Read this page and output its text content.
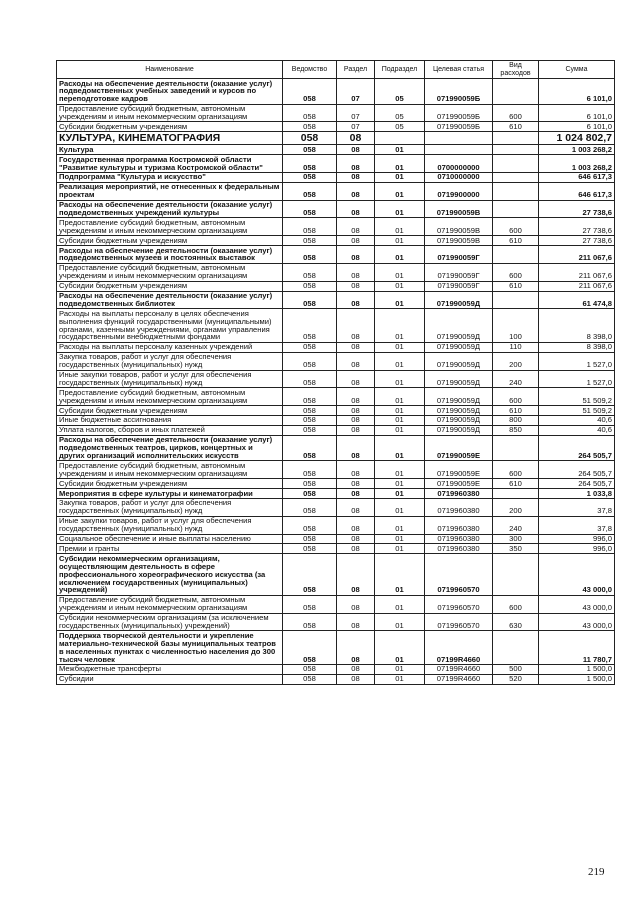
Наименование	Ведомство	Раздел	Подраздел	Целевая статья	Вид расходов	Сумма
Расходы на обеспечение деятельности (оказание услуг) подведомственных учебных заведений и курсов по переподготовке кадров	058	07	05	071990059Б		6 101,0
Предоставление субсидий бюджетным, автономным учреждениям и иным некоммерческим организациям	058	07	05	071990059Б	600	6 101,0
Субсидии бюджетным учреждениям	058	07	05	071990059Б	610	6 101,0
КУЛЬТУРА, КИНЕМАТОГРАФИЯ	058	08				1 024 802,7
Культура	058	08	01			1 003 268,2
Государственная программа Костромской области "Развитие культуры и туризма Костромской области"	058	08	01	0700000000		1 003 268,2
Подпрограмма "Культура и искусство"	058	08	01	0710000000		646 617,3
Реализация мероприятий, не отнесенных к федеральным проектам	058	08	01	0719900000		646 617,3
Расходы на обеспечение деятельности (оказание услуг) подведомственных учреждений культуры	058	08	01	071990059В		27 738,6
Предоставление субсидий бюджетным, автономным учреждениям и иным некоммерческим организациям	058	08	01	071990059В	600	27 738,6
Субсидии бюджетным учреждениям	058	08	01	071990059В	610	27 738,6
Расходы на обеспечение деятельности (оказание услуг) подведомственных музеев и постоянных выставок	058	08	01	071990059Г		211 067,6
Предоставление субсидий бюджетным, автономным учреждениям и иным некоммерческим организациям	058	08	01	071990059Г	600	211 067,6
Субсидии бюджетным учреждениям	058	08	01	071990059Г	610	211 067,6
Расходы на обеспечение деятельности (оказание услуг) подведомственных библиотек	058	08	01	071990059Д		61 474,8
Расходы на выплаты персоналу в целях обеспечения выполнения функций государственными (муниципальными) органами, казенными учреждениями, органами управления государственными внебюджетными фондами	058	08	01	071990059Д	100	8 398,0
Расходы на выплаты персоналу казенных учреждений	058	08	01	071990059Д	110	8 398,0
Закупка товаров, работ и услуг для обеспечения государственных (муниципальных) нужд	058	08	01	071990059Д	200	1 527,0
Иные закупки товаров, работ и услуг для обеспечения государственных (муниципальных) нужд	058	08	01	071990059Д	240	1 527,0
Предоставление субсидий бюджетным, автономным учреждениям и иным некоммерческим организациям	058	08	01	071990059Д	600	51 509,2
Субсидии бюджетным учреждениям	058	08	01	071990059Д	610	51 509,2
Иные бюджетные ассигнования	058	08	01	071990059Д	800	40,6
Уплата налогов, сборов и иных платежей	058	08	01	071990059Д	850	40,6
Расходы на обеспечение деятельности (оказание услуг) подведомственных театров, цирков, концертных и других организаций исполнительских искусств	058	08	01	071990059Е		264 505,7
Предоставление субсидий бюджетным, автономным учреждениям и иным некоммерческим организациям	058	08	01	071990059Е	600	264 505,7
Субсидии бюджетным учреждениям	058	08	01	071990059Е	610	264 505,7
Мероприятия в сфере культуры и кинематографии	058	08	01	0719960380		1 033,8
Закупка товаров, работ и услуг для обеспечения государственных (муниципальных) нужд	058	08	01	0719960380	200	37,8
Иные закупки товаров, работ и услуг для обеспечения государственных (муниципальных) нужд	058	08	01	0719960380	240	37,8
Социальное обеспечение и иные выплаты населению	058	08	01	0719960380	300	996,0
Премии и гранты	058	08	01	0719960380	350	996,0
Субсидии некоммерческим организациям, осуществляющим деятельность в сфере профессионального хореографического искусства (за исключением государственных (муниципальных) учреждений)	058	08	01	0719960570		43 000,0
Предоставление субсидий бюджетным, автономным учреждениям и иным некоммерческим организациям	058	08	01	0719960570	600	43 000,0
Субсидии некоммерческим организациям (за исключением государственных (муниципальных) учреждений)	058	08	01	0719960570	630	43 000,0
Поддержка творческой деятельности и укрепление материально-технической базы муниципальных театров в населенных пунктах с численностью населения до 300 тысяч человек	058	08	01	07199R4660		11 780,7
Межбюджетные трансферты	058	08	01	07199R4660	500	1 500,0
Субсидии	058	08	01	07199R4660	520	1 500,0
219
